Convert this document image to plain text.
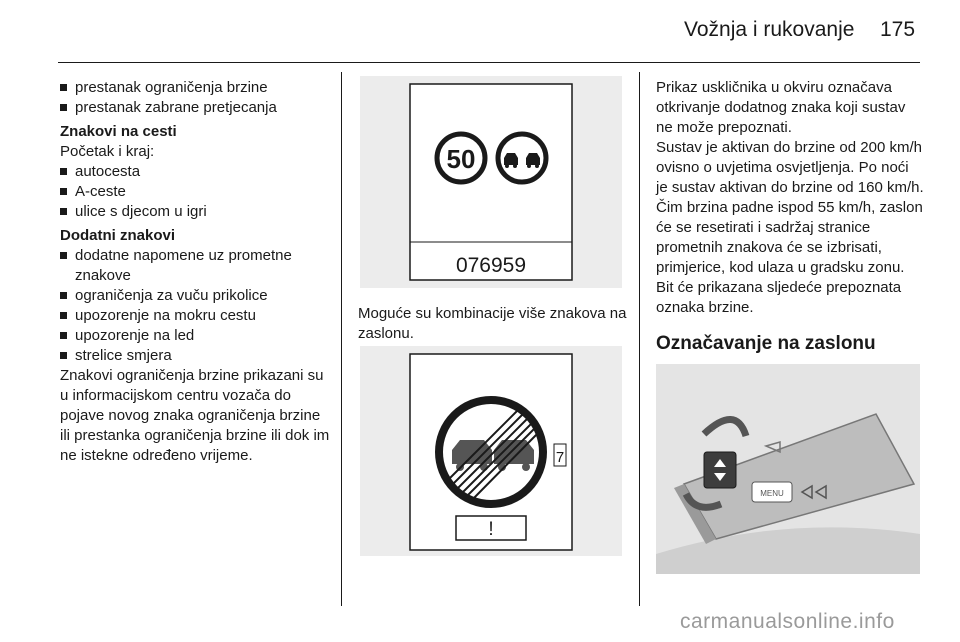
Vožnja i rukovanje 175

prestanak ograničenja brzine

prestanak zabrane pretjecanja

Znakovi na cesti

Početak i kraj:

autocesta

A-ceste

ulice s djecom u igri

Dodatni znakovi

dodatne napomene uz prometne znakove

ograničenja za vuču prikolice

upozorenje na mokru cestu

upozorenje na led

strelice smjera

Znakovi ograničenja brzine prikazani su u informacijskom centru vozača do pojave novog znaka ograničenja brzine ili prestanka ograničenja brzine ili dok im ne istekne određeno vrijeme.

50
076959
Moguće su kombinacije više znakova na zaslonu.
7
!

Prikaz uskličnika u okviru označava otkrivanje dodatnog znaka koji sustav ne može prepoznati.

Sustav je aktivan do brzine od 200 km/h ovisno o uvjetima osvjetljenja. Po noći je sustav aktivan do brzine od 160 km/h.

Čim brzina padne ispod 55 km/h, zaslon će se resetirati i sadržaj stranice prometnih znakova će se izbrisati, primjerice, kod ulaza u gradsku zonu. Bit će prikazana sljedeće prepoznata oznaka brzine.

Označavanje na zaslonu
MENU
carmanualsonline.info
